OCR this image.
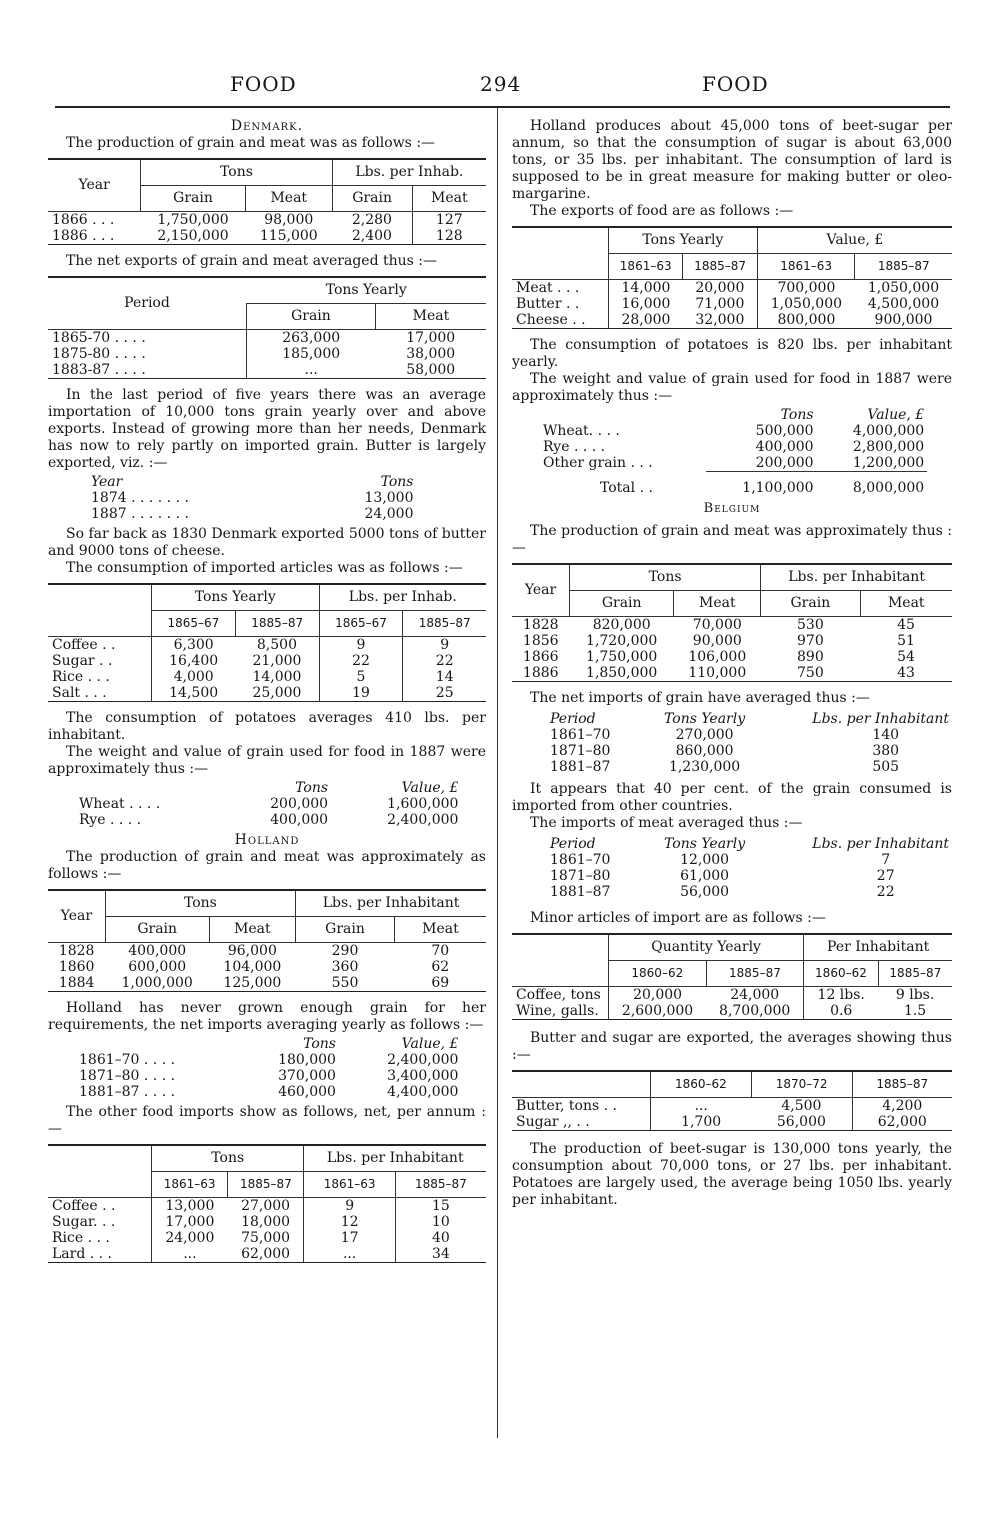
FOOD	294	FOOD
Denmark.

The production of grain and meat was as follows :—

Year	Tons		Lbs. per Inhab.	
	Grain	Meat	Grain	Meat
1866 . . .	1,750,000	98,000	2,280	127
1886 . . .	2,150,000	115,000	2,400	128

The net exports of grain and meat averaged thus :—

Period	Tons Yearly	
	Grain	Meat
1865-70 . . . .	263,000	17,000
1875-80 . . . .	185,000	38,000
1883-87 . . . .	...	58,000

In the last period of five years there was an average importation of 10,000 tons grain yearly over and above exports. Instead of growing more than her needs, Denmark has now to rely partly on imported grain. Butter is largely exported, viz. :—

Year	Tons
1874 . . . . . . .	13,000
1887 . . . . . . .	24,000

So far back as 1830 Denmark exported 5000 tons of butter and 9000 tons of cheese.

The consumption of imported articles was as follows :—

	Tons Yearly		Lbs. per Inhab.	
	1865–67	1885–87	1865–67	1885–87
Coffee . .	6,300	8,500	9	9
Sugar . .	16,400	21,000	22	22
Rice . . .	4,000	14,000	5	14
Salt . . .	14,500	25,000	19	25

The consumption of potatoes averages 410 lbs. per inhabitant.

The weight and value of grain used for food in 1887 were approximately thus :—

	Tons	Value, £
Wheat . . . .	200,000	1,600,000
Rye . . . .	400,000	2,400,000
Holland

The production of grain and meat was approximately as follows :—

Year	Tons		Lbs. per Inhabitant	
	Grain	Meat	Grain	Meat
1828	400,000	96,000	290	70
1860	600,000	104,000	360	62
1884	1,000,000	125,000	550	69

Holland has never grown enough grain for her requirements, the net imports averaging yearly as follows :—

	Tons	Value, £
1861–70 . . . .	180,000	2,400,000
1871–80 . . . .	370,000	3,400,000
1881–87 . . . .	460,000	4,400,000

The other food imports show as follows, net, per annum :—

	Tons		Lbs. per Inhabitant	
	1861–63	1885–87	1861–63	1885–87
Coffee . .	13,000	27,000	9	15
Sugar. . .	17,000	18,000	12	10
Rice . . .	24,000	75,000	17	40
Lard . . .	...	62,000	...	34

Holland produces about 45,000 tons of beet-sugar per annum, so that the consumption of sugar is about 63,000 tons, or 35 lbs. per inhabitant. The consumption of lard is supposed to be in great measure for making butter or oleo-margarine.

The exports of food are as follows :—

	Tons Yearly		Value, £	
	1861–63	1885–87	1861–63	1885–87
Meat . . .	14,000	20,000	700,000	1,050,000
Butter . .	16,000	71,000	1,050,000	4,500,000
Cheese . .	28,000	32,000	800,000	900,000

The consumption of potatoes is 820 lbs. per inhabitant yearly.

The weight and value of grain used for food in 1887 were approximately thus :—

	Tons	Value, £
Wheat. . . .	500,000	4,000,000
Rye . . . .	400,000	2,800,000
Other grain . . .	200,000	1,200,000
Total . .	1,100,000	8,000,000
Belgium

The production of grain and meat was approximately thus :—

Year	Tons		Lbs. per Inhabitant	
	Grain	Meat	Grain	Meat
1828	820,000	70,000	530	45
1856	1,720,000	90,000	970	51
1866	1,750,000	106,000	890	54
1886	1,850,000	110,000	750	43

The net imports of grain have averaged thus :—

Period	Tons Yearly	Lbs. per Inhabitant
1861–70	270,000	140
1871–80	860,000	380
1881–87	1,230,000	505

It appears that 40 per cent. of the grain consumed is imported from other countries.

The imports of meat averaged thus :—

Period	Tons Yearly	Lbs. per Inhabitant
1861–70	12,000	7
1871–80	61,000	27
1881–87	56,000	22

Minor articles of import are as follows :—

	Quantity Yearly		Per Inhabitant	
	1860–62	1885–87	1860–62	1885–87
Coffee, tons	20,000	24,000	12 lbs.	9 lbs.
Wine, galls.	2,600,000	8,700,000	0.6	1.5

Butter and sugar are exported, the averages showing thus :—

	1860–62	1870–72	1885–87
Butter, tons . .	...	4,500	4,200
Sugar ,, . .	1,700	56,000	62,000

The production of beet-sugar is 130,000 tons yearly, the consumption about 70,000 tons, or 27 lbs. per inhabitant. Potatoes are largely used, the average being 1050 lbs. yearly per inhabitant.
